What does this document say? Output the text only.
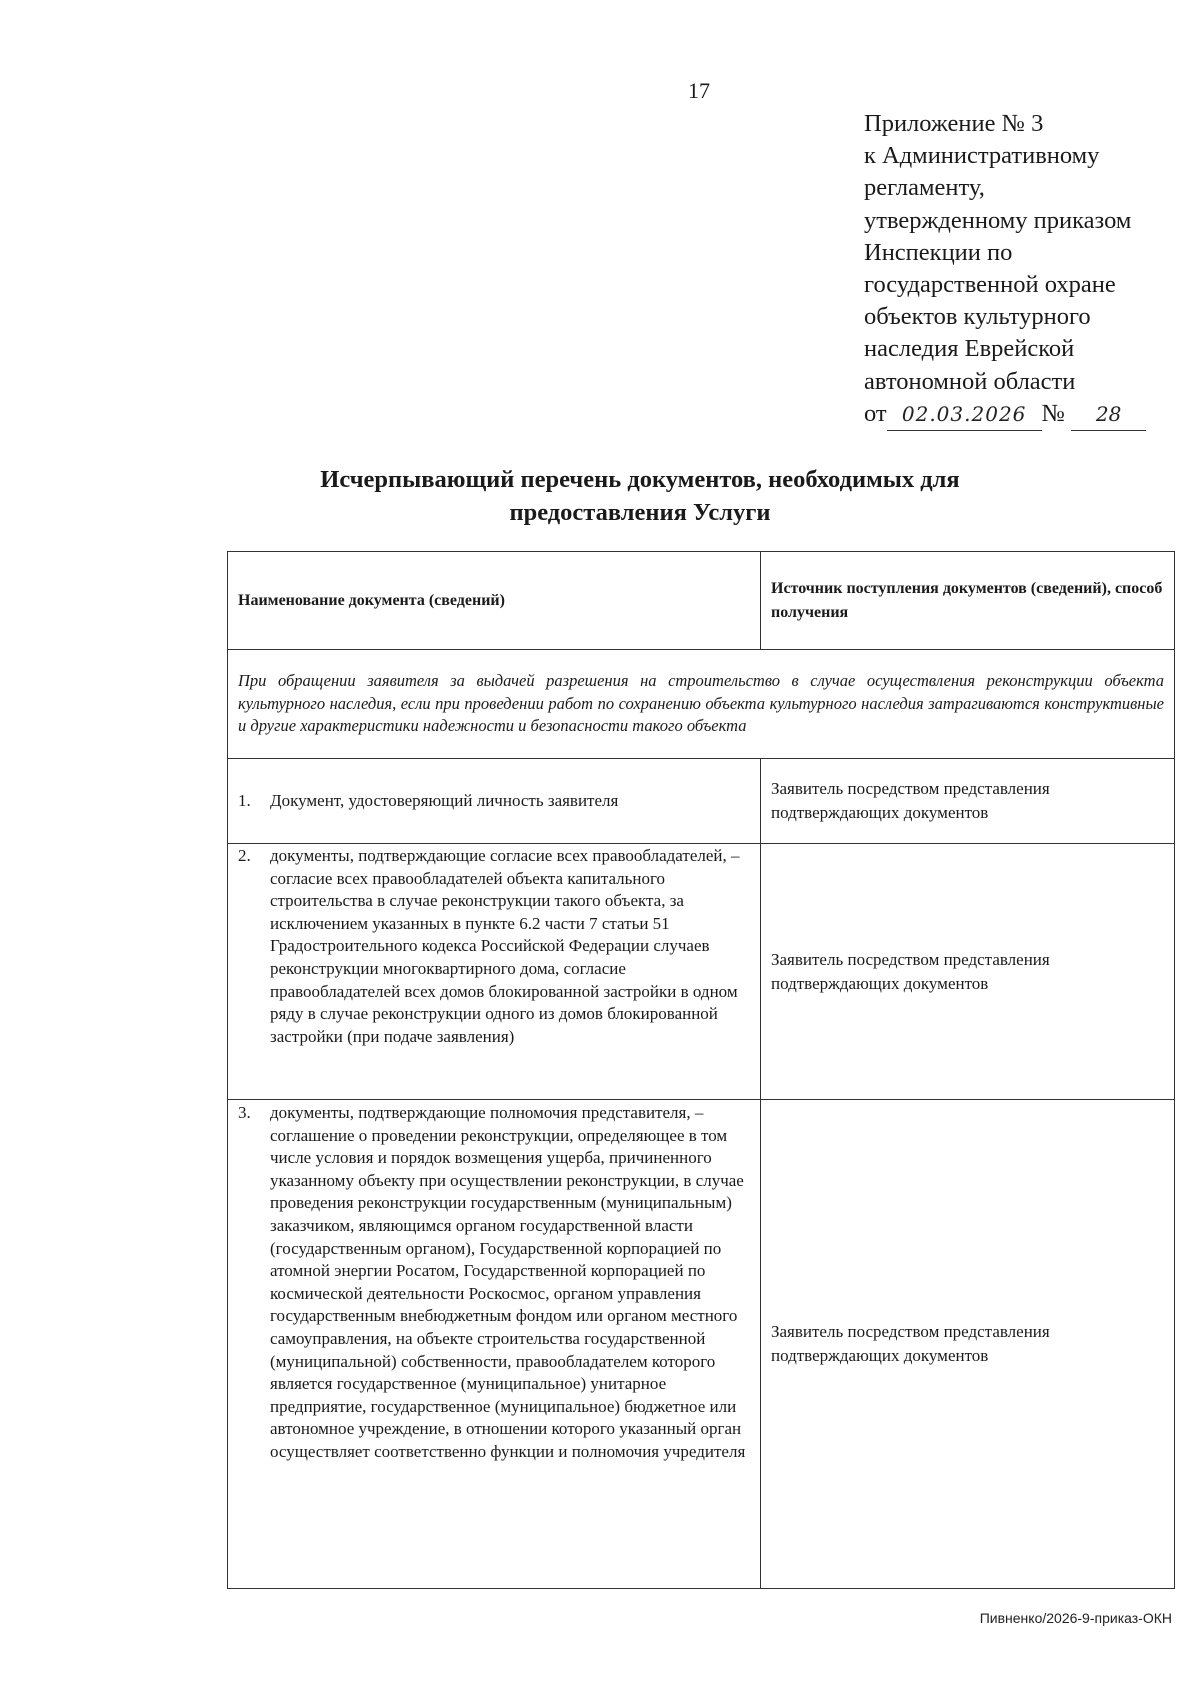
17
Приложение № 3
к Административному
регламенту,
утвержденному приказом
Инспекции по
государственной охране
объектов культурного
наследия Еврейской
автономной области
от 02.03.2026 № 28
Исчерпывающий перечень документов, необходимых для предоставления Услуги
Наименование документа (сведений)	Источник поступления документов (сведений), способ получения
При обращении заявителя за выдачей разрешения на строительство в случае осуществления реконструкции объекта культурного наследия, если при проведении работ по сохранению объекта культурного наследия затрагиваются конструктивные и другие характеристики надежности и безопасности такого объекта	

1. Документ, удостоверяющий личность заявителя	Заявитель посредством представления подтверждающих документов

2. документы, подтверждающие согласие всех правообладателей, – согласие всех правообладателей объекта капитального строительства в случае реконструкции такого объекта, за исключением указанных в пункте 6.2 части 7 статьи 51 Градостроительного кодекса Российской Федерации случаев реконструкции многоквартирного дома, согласие правообладателей всех домов блокированной застройки в одном ряду в случае реконструкции одного из домов блокированной застройки (при подаче заявления)	Заявитель посредством представления подтверждающих документов

3. документы, подтверждающие полномочия представителя, – соглашение о проведении реконструкции, определяющее в том числе условия и порядок возмещения ущерба, причиненного указанному объекту при осуществлении реконструкции, в случае проведения реконструкции государственным (муниципальным) заказчиком, являющимся органом государственной власти (государственным органом), Государственной корпорацией по атомной энергии Росатом, Государственной корпорацией по космической деятельности Роскосмос, органом управления государственным внебюджетным фондом или органом местного самоуправления, на объекте строительства государственной (муниципальной) собственности, правообладателем которого является государственное (муниципальное) унитарное предприятие, государственное (муниципальное) бюджетное или автономное учреждение, в отношении которого указанный орган осуществляет соответственно функции и полномочия учредителя	Заявитель посредством представления подтверждающих документов
Пивненко/2026-9-приказ-ОКН
